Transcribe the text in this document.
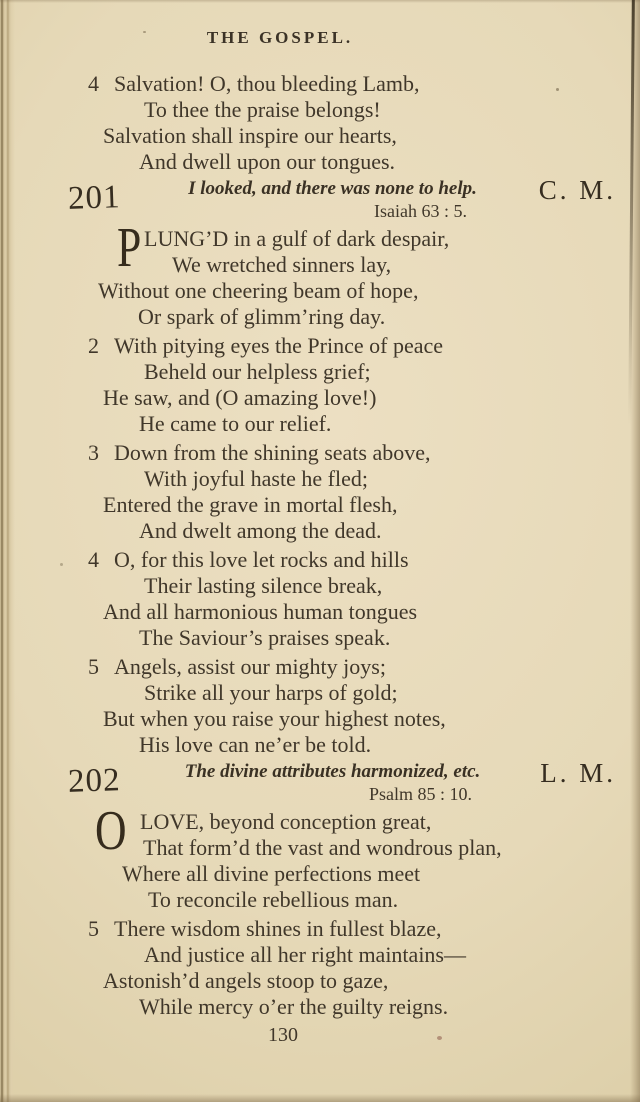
THE GOSPEL.
4 Salvation! O, thou bleeding Lamb,
To thee the praise belongs!
Salvation shall inspire our hearts,
And dwell upon our tongues.
201	I looked, and there was none to help.
Isaiah 63 : 5.
C. M.
P LUNG’D in a gulf of dark despair,
We wretched sinners lay,
Without one cheering beam of hope,
Or spark of glimm’ring day.
2 With pitying eyes the Prince of peace
Beheld our helpless grief;
He saw, and (O amazing love!)
He came to our relief.
3 Down from the shining seats above,
With joyful haste he fled;
Entered the grave in mortal flesh,
And dwelt among the dead.
4 O, for this love let rocks and hills
Their lasting silence break,
And all harmonious human tongues
The Saviour’s praises speak.
5 Angels, assist our mighty joys;
Strike all your harps of gold;
But when you raise your highest notes,
His love can ne’er be told.
202	The divine attributes harmonized, etc.
Psalm 85 : 10.
L. M.
O LOVE, beyond conception great,
That form’d the vast and wondrous plan,
Where all divine perfections meet
To reconcile rebellious man.
5 There wisdom shines in fullest blaze,
And justice all her right maintains—
Astonish’d angels stoop to gaze,
While mercy o’er the guilty reigns.
130
